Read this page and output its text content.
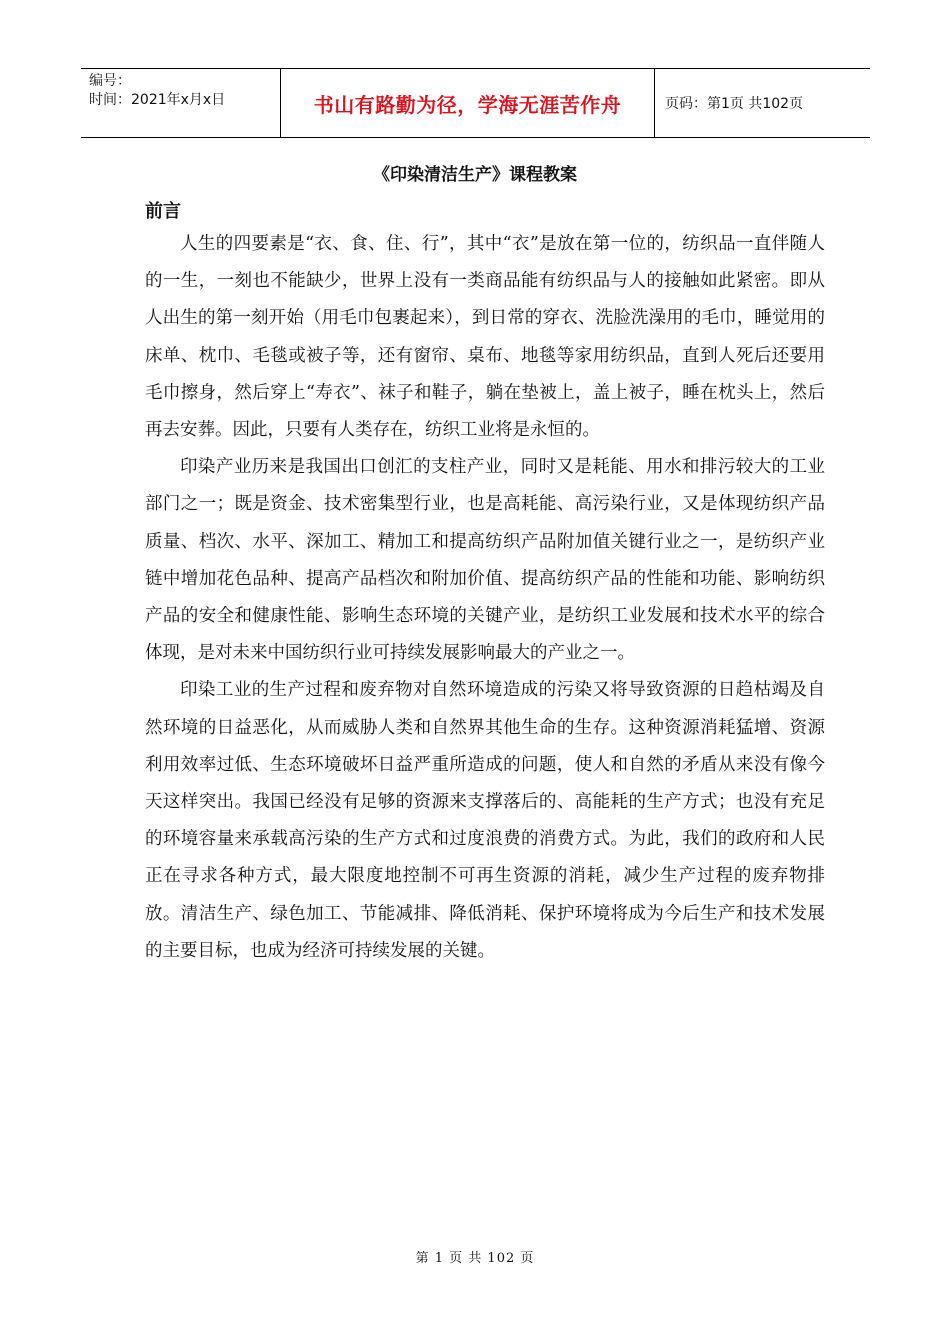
编号：
时间：2021年x月x日	书山有路勤为径，学海无涯苦作舟	页码：第1页 共102页
《印染清洁生产》课程教案
前言

人生的四要素是“衣、食、住、行”，其中“衣”是放在第一位的，纺织品一直伴随人的一生，一刻也不能缺少，世界上没有一类商品能有纺织品与人的接触如此紧密。即从人出生的第一刻开始（用毛巾包裹起来），到日常的穿衣、洗脸洗澡用的毛巾，睡觉用的床单、枕巾、毛毯或被子等，还有窗帘、桌布、地毯等家用纺织品，直到人死后还要用毛巾擦身，然后穿上“寿衣”、袜子和鞋子，躺在垫被上，盖上被子，睡在枕头上，然后再去安葬。因此，只要有人类存在，纺织工业将是永恒的。

印染产业历来是我国出口创汇的支柱产业，同时又是耗能、用水和排污较大的工业部门之一；既是资金、技术密集型行业，也是高耗能、高污染行业，又是体现纺织产品质量、档次、水平、深加工、精加工和提高纺织产品附加值关键行业之一，是纺织产业链中增加花色品种、提高产品档次和附加价值、提高纺织产品的性能和功能、影响纺织产品的安全和健康性能、影响生态环境的关键产业，是纺织工业发展和技术水平的综合体现，是对未来中国纺织行业可持续发展影响最大的产业之一。

印染工业的生产过程和废弃物对自然环境造成的污染又将导致资源的日趋枯竭及自然环境的日益恶化，从而威胁人类和自然界其他生命的生存。这种资源消耗猛增、资源利用效率过低、生态环境破坏日益严重所造成的问题，使人和自然的矛盾从来没有像今天这样突出。我国已经没有足够的资源来支撑落后的、高能耗的生产方式；也没有充足的环境容量来承载高污染的生产方式和过度浪费的消费方式。为此，我们的政府和人民正在寻求各种方式，最大限度地控制不可再生资源的消耗，减少生产过程的废弃物排放。清洁生产、绿色加工、节能减排、降低消耗、保护环境将成为今后生产和技术发展的主要目标，也成为经济可持续发展的关键。

第 1 页 共 102 页
